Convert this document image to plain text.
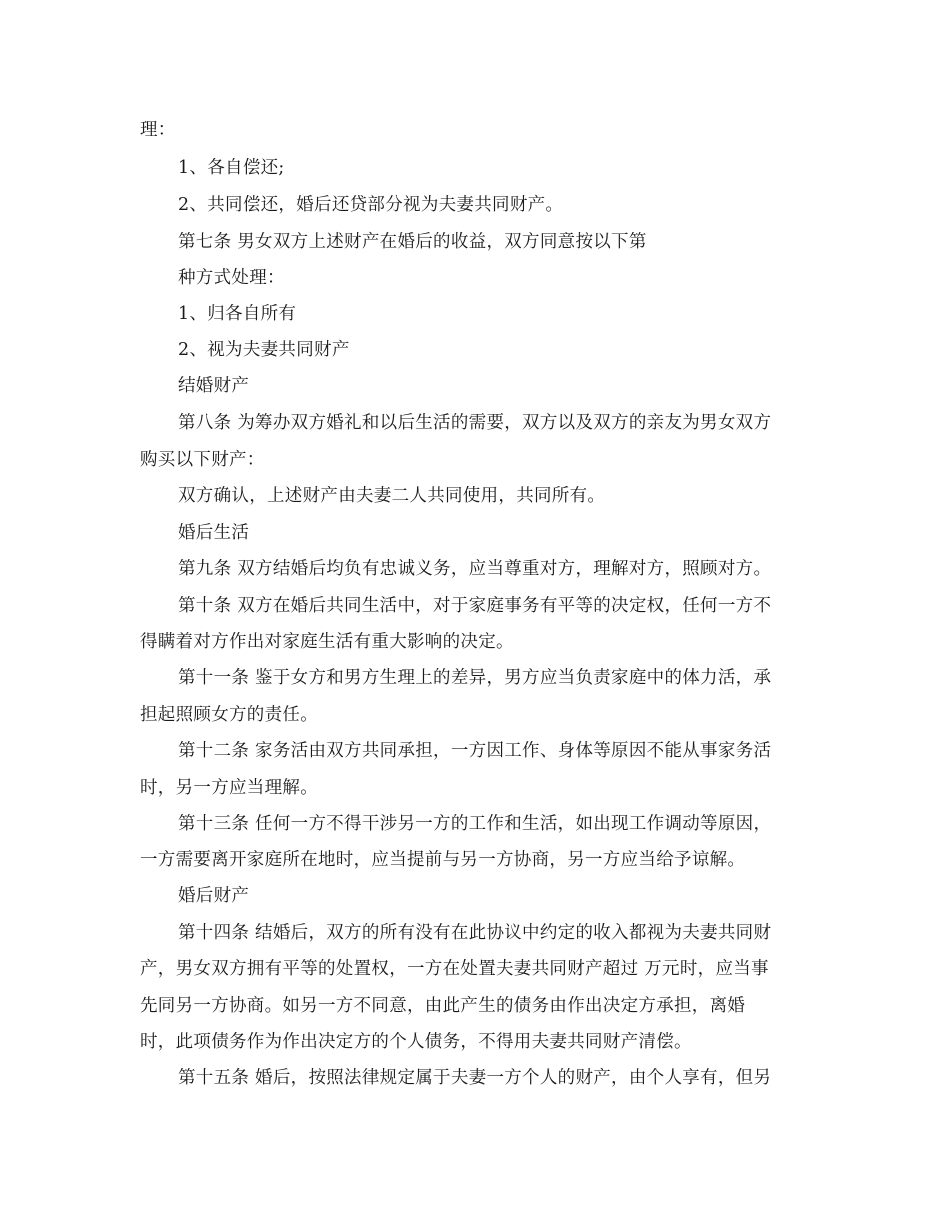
理：
1、各自偿还;
2、共同偿还，婚后还贷部分视为夫妻共同财产。
第七条 男女双方上述财产在婚后的收益，双方同意按以下第
种方式处理：
1、归各自所有
2、视为夫妻共同财产
结婚财产
第八条 为筹办双方婚礼和以后生活的需要，双方以及双方的亲友为男女双方
购买以下财产：
双方确认，上述财产由夫妻二人共同使用，共同所有。
婚后生活
第九条 双方结婚后均负有忠诚义务，应当尊重对方，理解对方，照顾对方。
第十条 双方在婚后共同生活中，对于家庭事务有平等的决定权，任何一方不
得瞒着对方作出对家庭生活有重大影响的决定。
第十一条 鉴于女方和男方生理上的差异，男方应当负责家庭中的体力活，承
担起照顾女方的责任。
第十二条 家务活由双方共同承担，一方因工作、身体等原因不能从事家务活
时，另一方应当理解。
第十三条 任何一方不得干涉另一方的工作和生活，如出现工作调动等原因，
一方需要离开家庭所在地时，应当提前与另一方协商，另一方应当给予谅解。
婚后财产
第十四条 结婚后，双方的所有没有在此协议中约定的收入都视为夫妻共同财
产，男女双方拥有平等的处置权，一方在处置夫妻共同财产超过 万元时，应当事
先同另一方协商。如另一方不同意，由此产生的债务由作出决定方承担，离婚
时，此项债务作为作出决定方的个人债务，不得用夫妻共同财产清偿。
第十五条 婚后，按照法律规定属于夫妻一方个人的财产，由个人享有，但另
